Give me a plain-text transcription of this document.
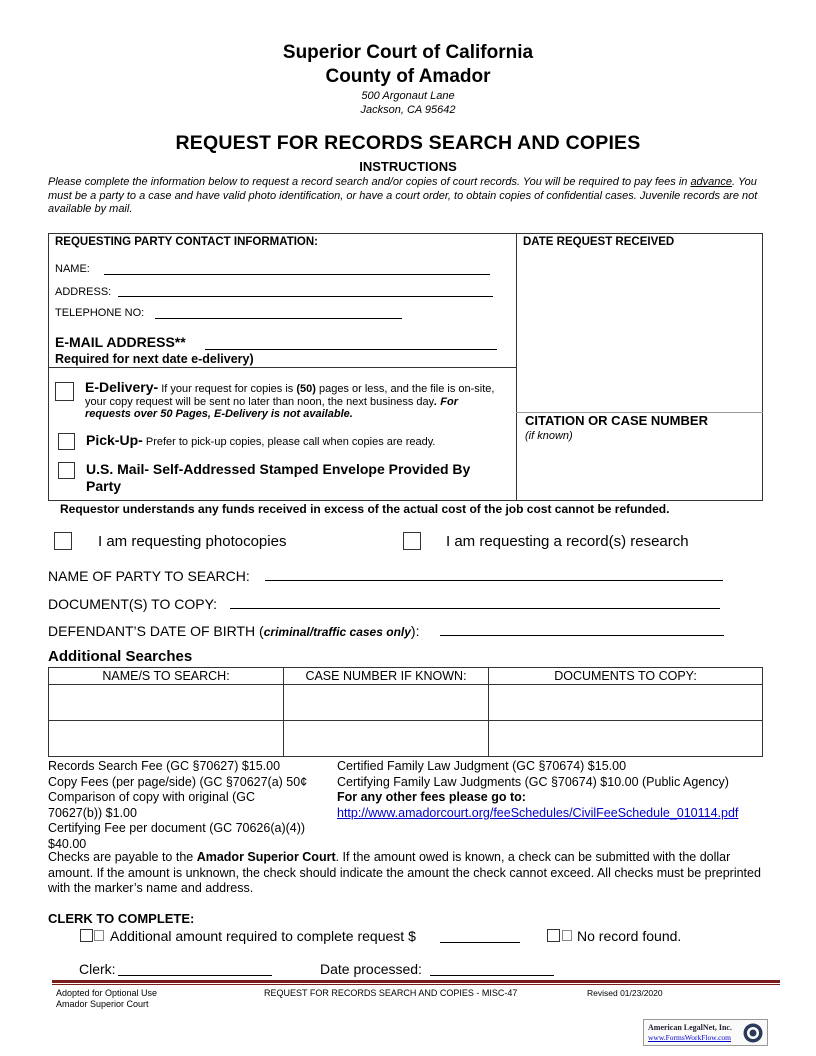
Superior Court of California
County of Amador
500 Argonaut Lane
Jackson, CA 95642
REQUEST FOR RECORDS SEARCH AND COPIES
INSTRUCTIONS
Please complete the information below to request a record search and/or copies of court records. You will be required to pay fees in advance. You must be a party to a case and have valid photo identification, or have a court order, to obtain copies of confidential cases. Juvenile records are not available by mail.
REQUESTING PARTY CONTACT INFORMATION:	DATE REQUEST RECEIVED
NAME:
ADDRESS:
TELEPHONE NO:
E-MAIL ADDRESS**
Required for next date e-delivery)
E-Delivery- If your request for copies is (50) pages or less, and the file is on-site, your copy request will be sent no later than noon, the next business day. For requests over 50 Pages, E-Delivery is not available.
Pick-Up- Prefer to pick-up copies, please call when copies are ready.
U.S. Mail- Self-Addressed Stamped Envelope Provided By Party
CITATION OR CASE NUMBER
(if known)
Requestor understands any funds received in excess of the actual cost of the job cost cannot be refunded.
I am requesting photocopies	I am requesting a record(s) research
NAME OF PARTY TO SEARCH:
DOCUMENT(S) TO COPY:
DEFENDANT’S DATE OF BIRTH (criminal/traffic cases only):
Additional Searches
NAME/S TO SEARCH:	CASE NUMBER IF KNOWN:	DOCUMENTS TO COPY:

Records Search Fee (GC §70627) $15.00
Copy Fees (per page/side) (GC §70627(a) 50¢
Comparison of copy with original (GC
70627(b)) $1.00
Certifying Fee per document (GC 70626(a)(4))
$40.00
Certified Family Law Judgment (GC §70674) $15.00
Certifying Family Law Judgments (GC §70674) $10.00 (Public Agency)
For any other fees please go to:
http://www.amadorcourt.org/feeSchedules/CivilFeeSchedule_010114.pdf
Checks are payable to the Amador Superior Court. If the amount owed is known, a check can be submitted with the dollar amount. If the amount is unknown, the check should indicate the amount the check cannot exceed. All checks must be preprinted with the marker’s name and address.
CLERK TO COMPLETE:
Additional amount required to complete request $	No record found.
Clerk:	Date processed:
Adopted for Optional Use
Amador Superior Court
REQUEST FOR RECORDS SEARCH AND COPIES - MISC-47	Revised 01/23/2020
American LegalNet, Inc.
www.FormsWorkFlow.com
